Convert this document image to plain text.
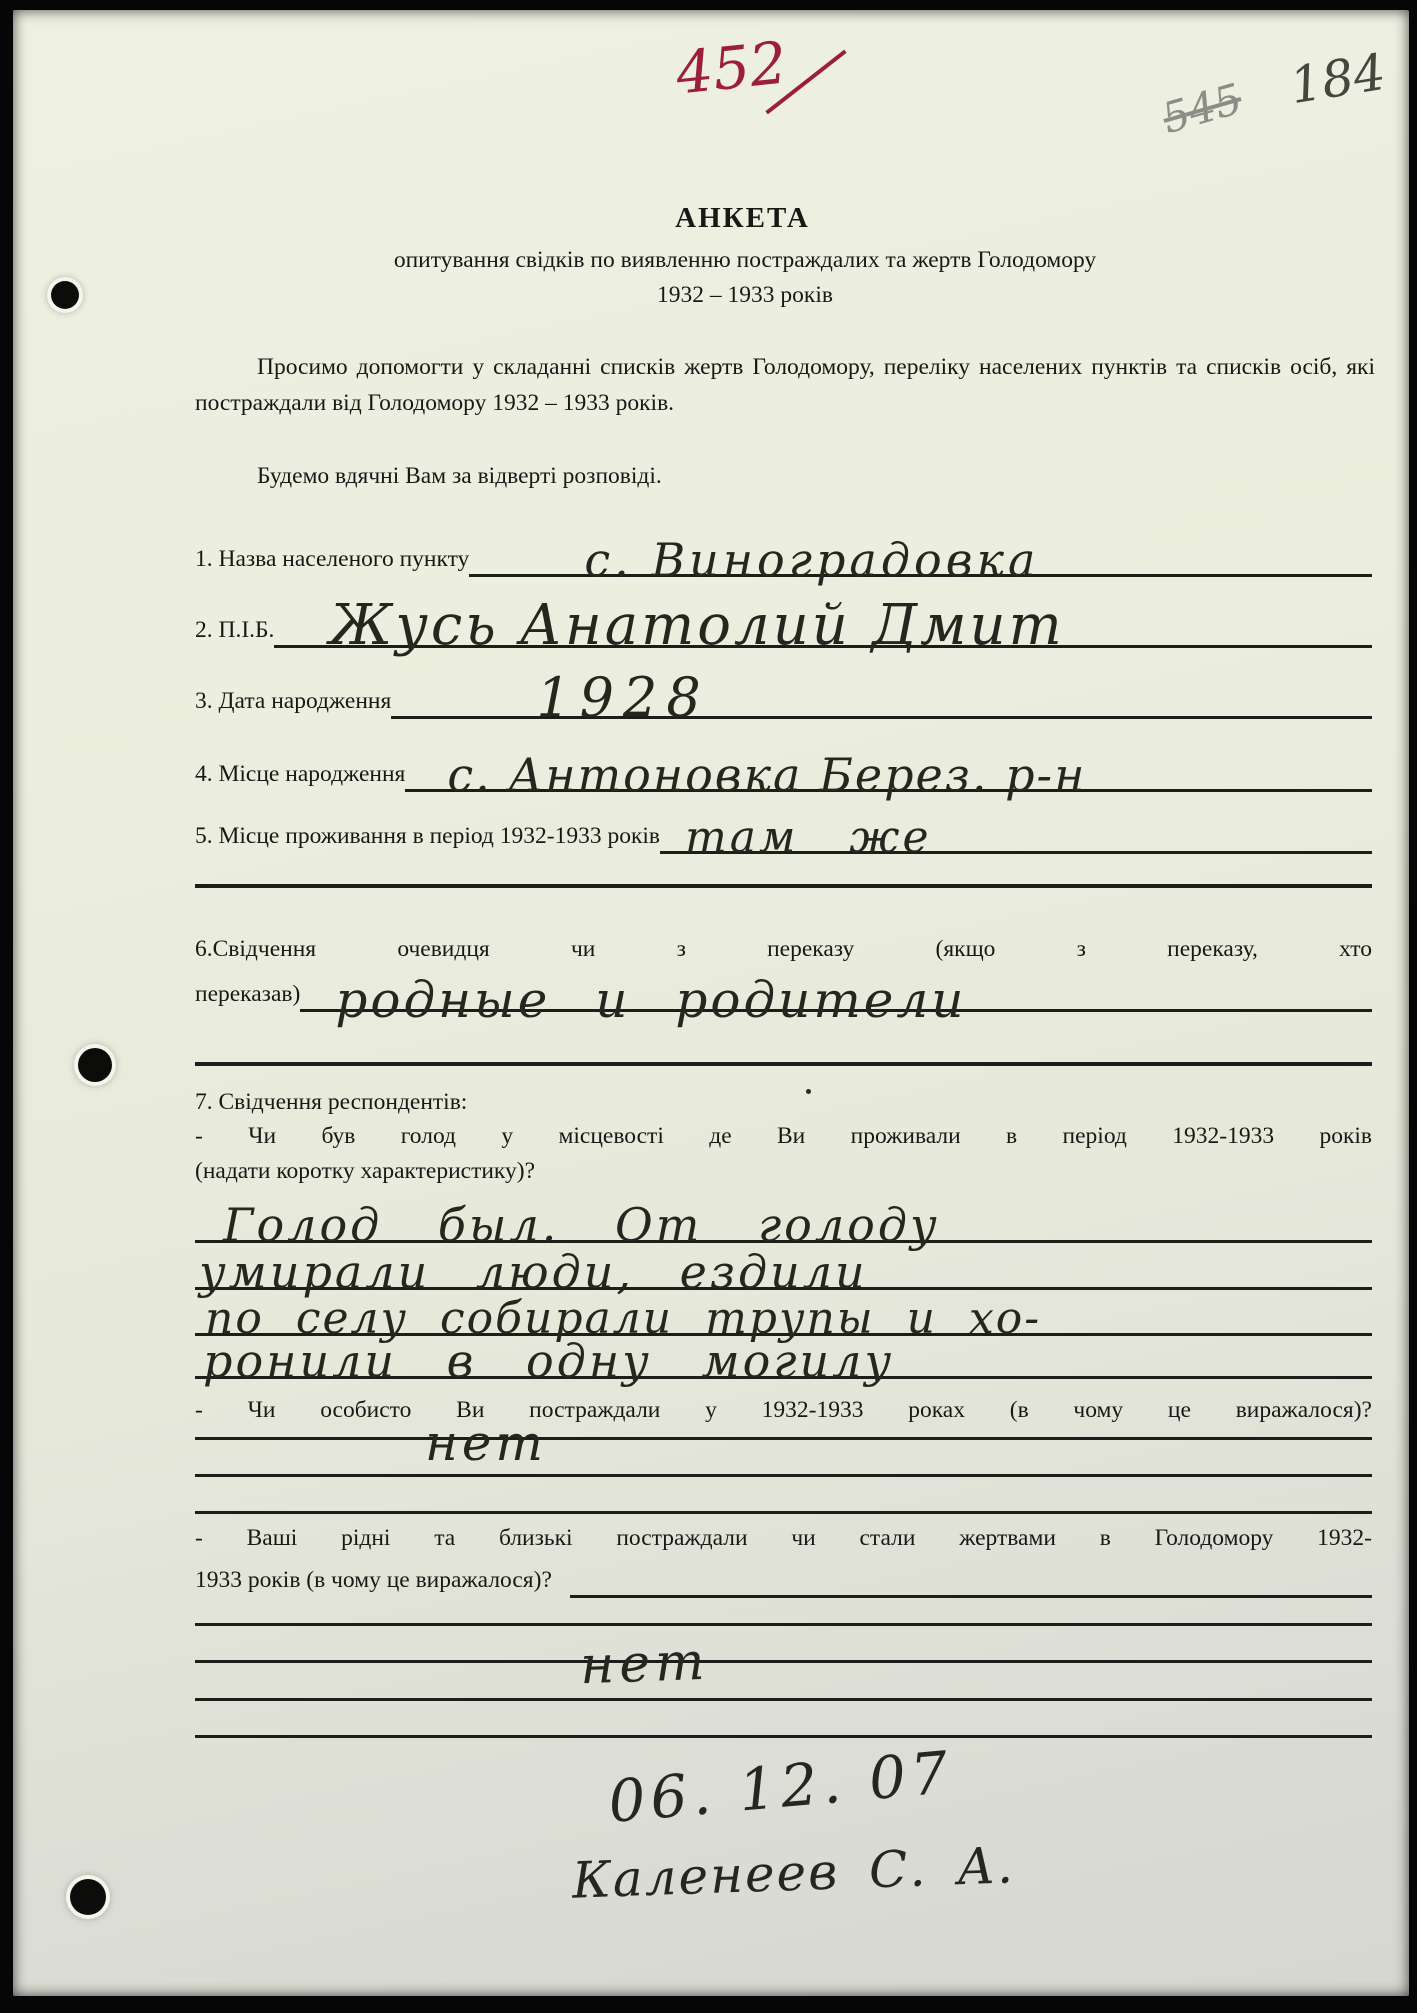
452
545 184
АНКЕТА
опитування свідків по виявленню постраждалих та жертв Голодомору
1932 – 1933 років
Просимо допомогти у складанні списків жертв Голодомору, переліку населених пунктів та списків осіб, які постраждали від Голодомору 1932 – 1933 років.
Будемо вдячні Вам за відверті розповіді.
1. Назва населеного пункту	с. Виноградовка
2. П.І.Б. Жусь Анатолий Дмит
3. Дата народження	1928
4. Місце народження с. Антоновка Берез. р-н
5. Місце проживання в період 1932-1933 років там же
6.Свідчення очевидця чи з переказу (якщо з переказу, хто
переказав) родные и родители
7. Свідчення респондентів:
- Чи був голод у місцевості де Ви проживали в період 1932-1933 років
(надати коротку характеристику)?
Голод был. От голоду
умирали люди, ездили
по селу собирали трупы и хо-
ронили в одну могилу
- Чи особисто Ви постраждали у 1932-1933 роках (в чому це виражалося)?
нет
- Ваші рідні та близькі постраждали чи стали жертвами в Голодомору 1932-
1933 років (в чому це виражалося)?
нет
06. 12. 07
Каленеев С. А.
